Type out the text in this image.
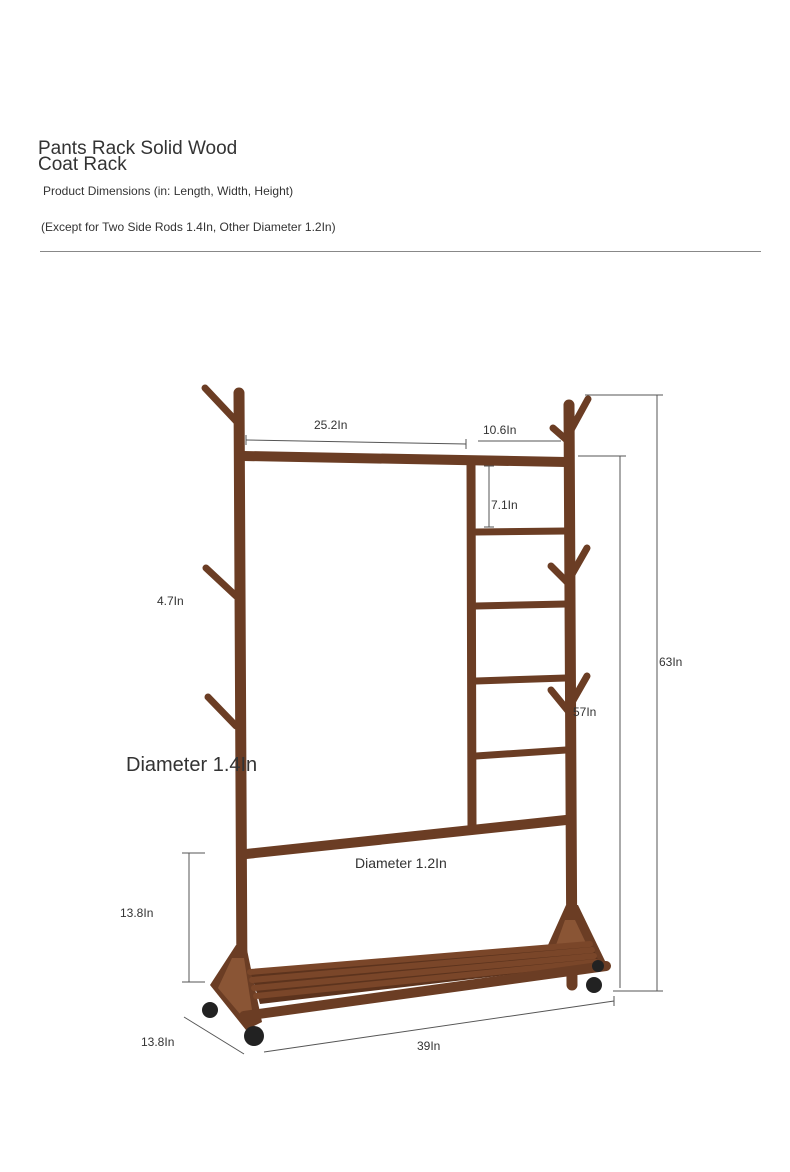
Pants Rack Solid Wood
Coat Rack
Product Dimensions (in: Length, Width, Height)
(Except for Two Side Rods 1.4In, Other Diameter 1.2In)
25.2In	10.6In
7.1In
4.7In
63In
57In
Diameter 1.4In
Diameter 1.2In
13.8In
13.8In	39In
